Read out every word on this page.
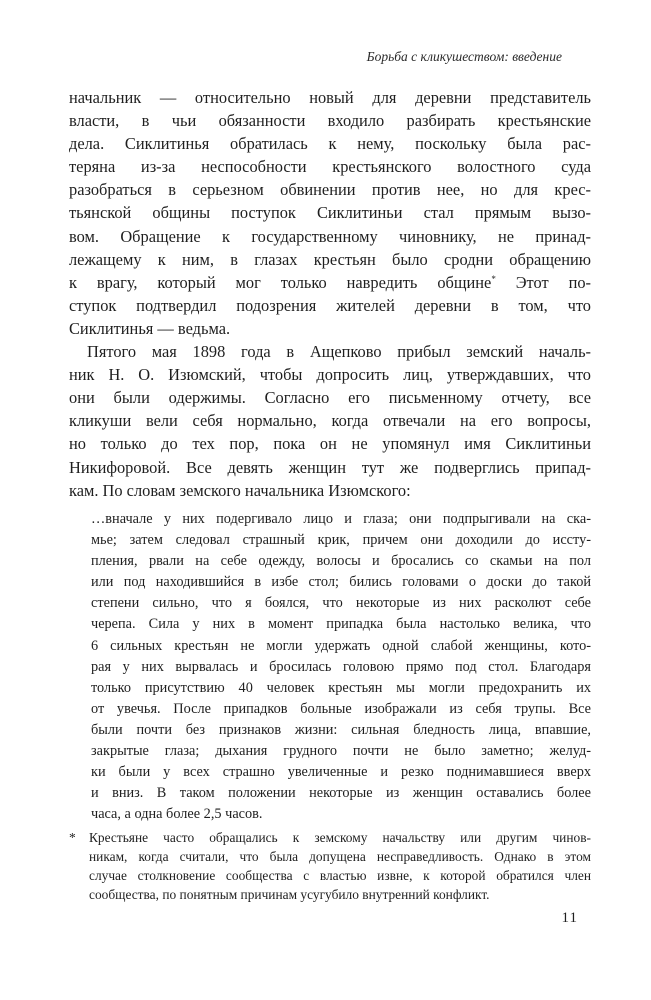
Борьба с кликушеством: введение
начальник — относительно новый для деревни представитель
власти, в чьи обязанности входило разбирать крестьянские
дела. Сиклитинья обратилась к нему, поскольку была рас-
теряна из-за неспособности крестьянского волостного суда
разобраться в серьезном обвинении против нее, но для крес-
тьянской общины поступок Сиклитиньи стал прямым вызо-
вом. Обращение к государственному чиновнику, не принад-
лежащему к ним, в глазах крестьян было сродни обращению
к врагу, который мог только навредить общине* Этот по-
ступок подтвердил подозрения жителей деревни в том, что
Сиклитинья — ведьма.
Пятого мая 1898 года в Ащепково прибыл земский началь-
ник Н. О. Изюмский, чтобы допросить лиц, утверждавших, что
они были одержимы. Согласно его письменному отчету, все
кликуши вели себя нормально, когда отвечали на его вопросы,
но только до тех пор, пока он не упомянул имя Сиклитиньи
Никифоровой. Все девять женщин тут же подверглись припад-
кам. По словам земского начальника Изюмского:
…вначале у них подергивало лицо и глаза; они подпрыгивали на ска-
мье; затем следовал страшный крик, причем они доходили до иссту-
пления, рвали на себе одежду, волосы и бросались со скамьи на пол
или под находившийся в избе стол; бились головами о доски до такой
степени сильно, что я боялся, что некоторые из них расколют себе
черепа. Сила у них в момент припадка была настолько велика, что
6 сильных крестьян не могли удержать одной слабой женщины, кото-
рая у них вырвалась и бросилась головою прямо под стол. Благодаря
только присутствию 40 человек крестьян мы могли предохранить их
от увечья. После припадков больные изображали из себя трупы. Все
были почти без признаков жизни: сильная бледность лица, впавшие,
закрытые глаза; дыхания грудного почти не было заметно; желуд-
ки были у всех страшно увеличенные и резко поднимавшиеся вверх
и вниз. В таком положении некоторые из женщин оставались более
часа, а одна более 2,5 часов.
* Крестьяне часто обращались к земскому начальству или другим чинов-
никам, когда считали, что была допущена несправедливость. Однако в этом
случае столкновение сообщества с властью извне, к которой обратился член
сообщества, по понятным причинам усугубило внутренний конфликт.
11
